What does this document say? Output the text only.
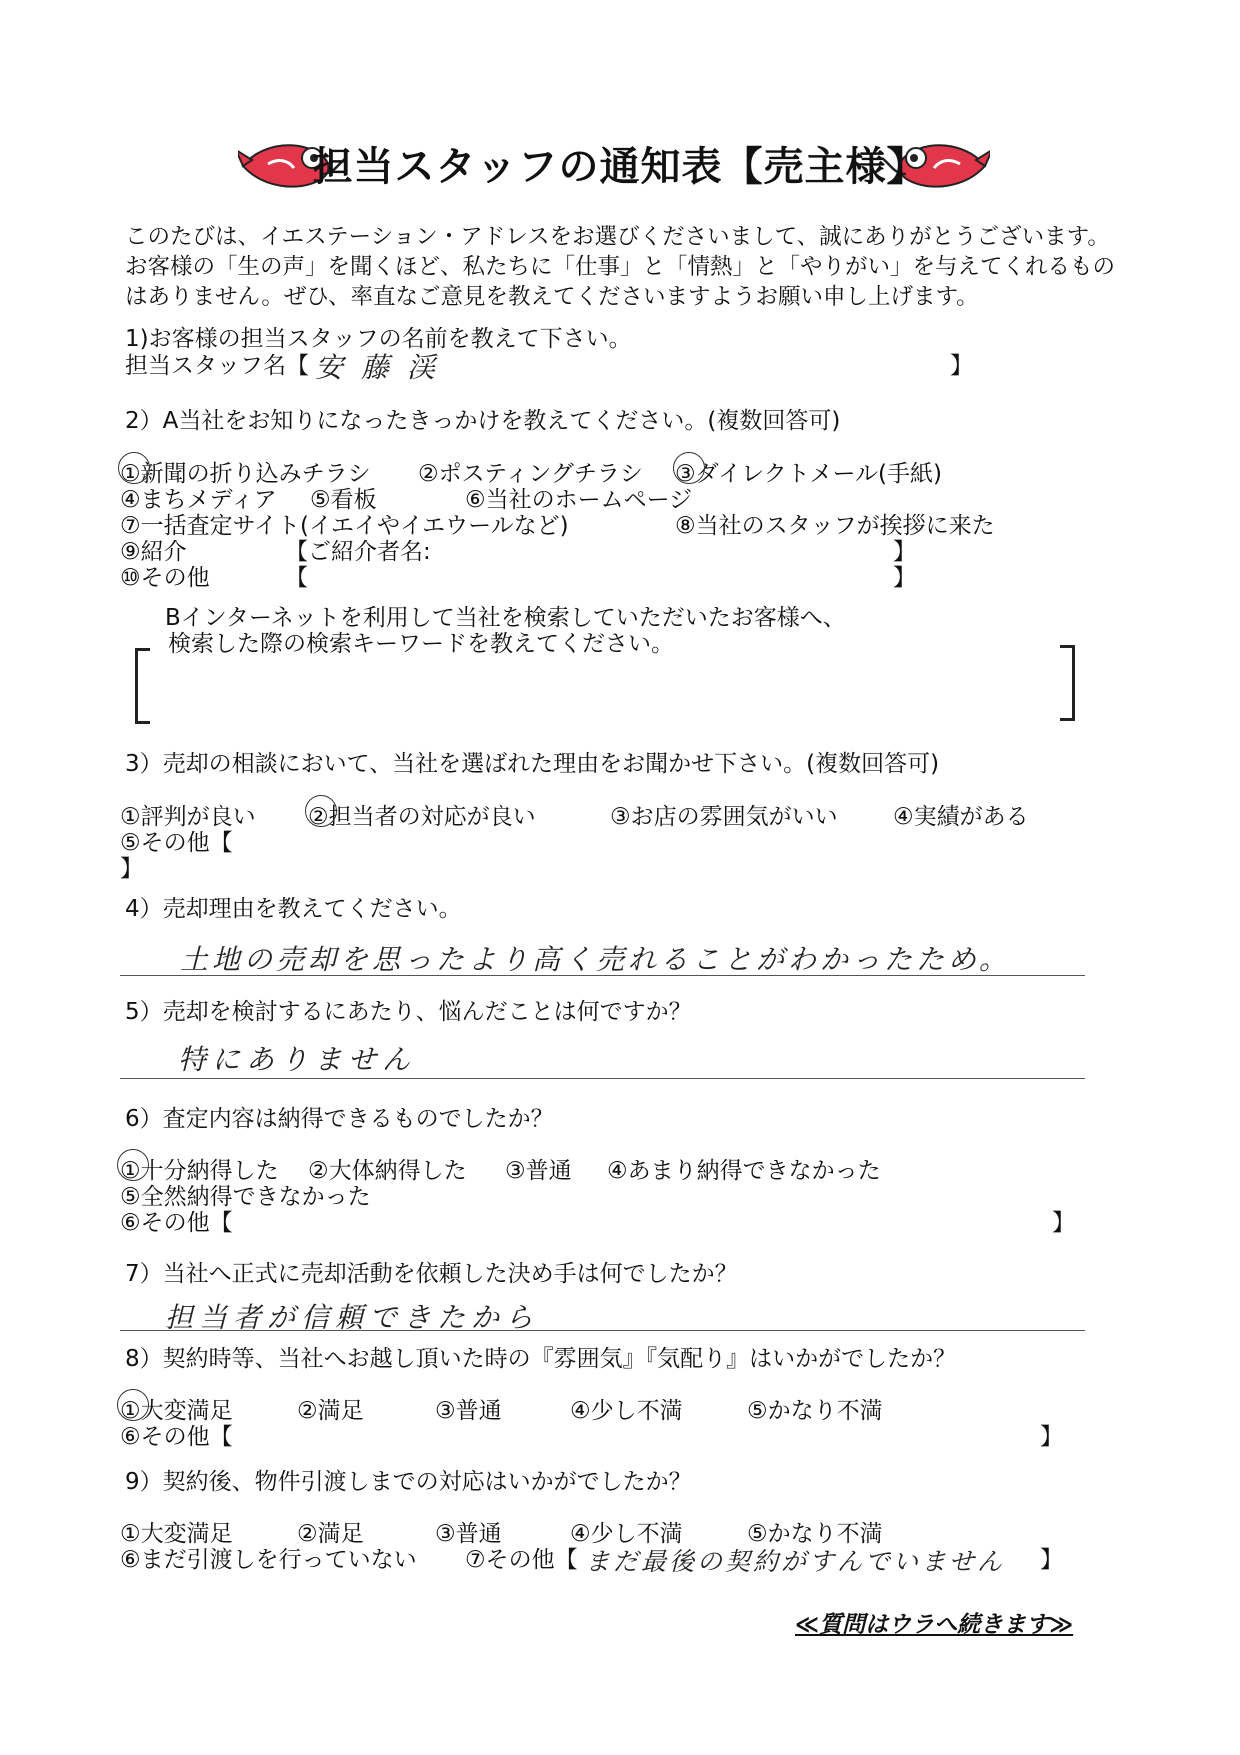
担当スタッフの通知表【売主様】
このたびは、イエステーション・アドレスをお選びくださいまして、誠にありがとうございます。お客様の「生の声」を聞くほど、私たちに「仕事」と「情熱」と「やりがい」を与えてくれるものはありません。ぜひ、率直なご意見を教えてくださいますようお願い申し上げます。
1)お客様の担当スタッフの名前を教えて下さい。
担当スタッフ名【 安藤渓	】
2）A当社をお知りになったきっかけを教えてください。(複数回答可)
①新聞の折り込みチラシ ②ポスティングチラシ ③ダイレクトメール(手紙)
④まちメディア ⑤看板	⑥当社のホームページ
⑦一括査定サイト(イエイやイエウールなど)	⑧当社のスタッフが挨拶に来た
⑨紹介	【ご紹介者名:	】
⑩その他	【	】
Bインターネットを利用して当社を検索していただいたお客様へ、
検索した際の検索キーワードを教えてください。
3）売却の相談において、当社を選ばれた理由をお聞かせ下さい。(複数回答可)
①評判が良い ②担当者の対応が良い	③お店の雰囲気がいい ④実績がある
⑤その他【
】
4）売却理由を教えてください。
土地の売却を思ったより高く売れることがわかったため。
5）売却を検討するにあたり、悩んだことは何ですか？
特にありません
6）査定内容は納得できるものでしたか？
①十分納得した ②大体納得した ③普通 ④あまり納得できなかった
⑤全然納得できなかった
⑥その他【	】
7）当社へ正式に売却活動を依頼した決め手は何でしたか？
担当者が信頼できたから
8）契約時等、当社へお越し頂いた時の『雰囲気』『気配り』はいかがでしたか？
①大変満足	②満足	③普通	④少し不満	⑤かなり不満
⑥その他【	】
9）契約後、物件引渡しまでの対応はいかがでしたか？
①大変満足	②満足	③普通	④少し不満	⑤かなり不満
⑥まだ引渡しを行っていない ⑦その他【 まだ最後の契約がすんでいません 】
≪質問はウラへ続きます≫
